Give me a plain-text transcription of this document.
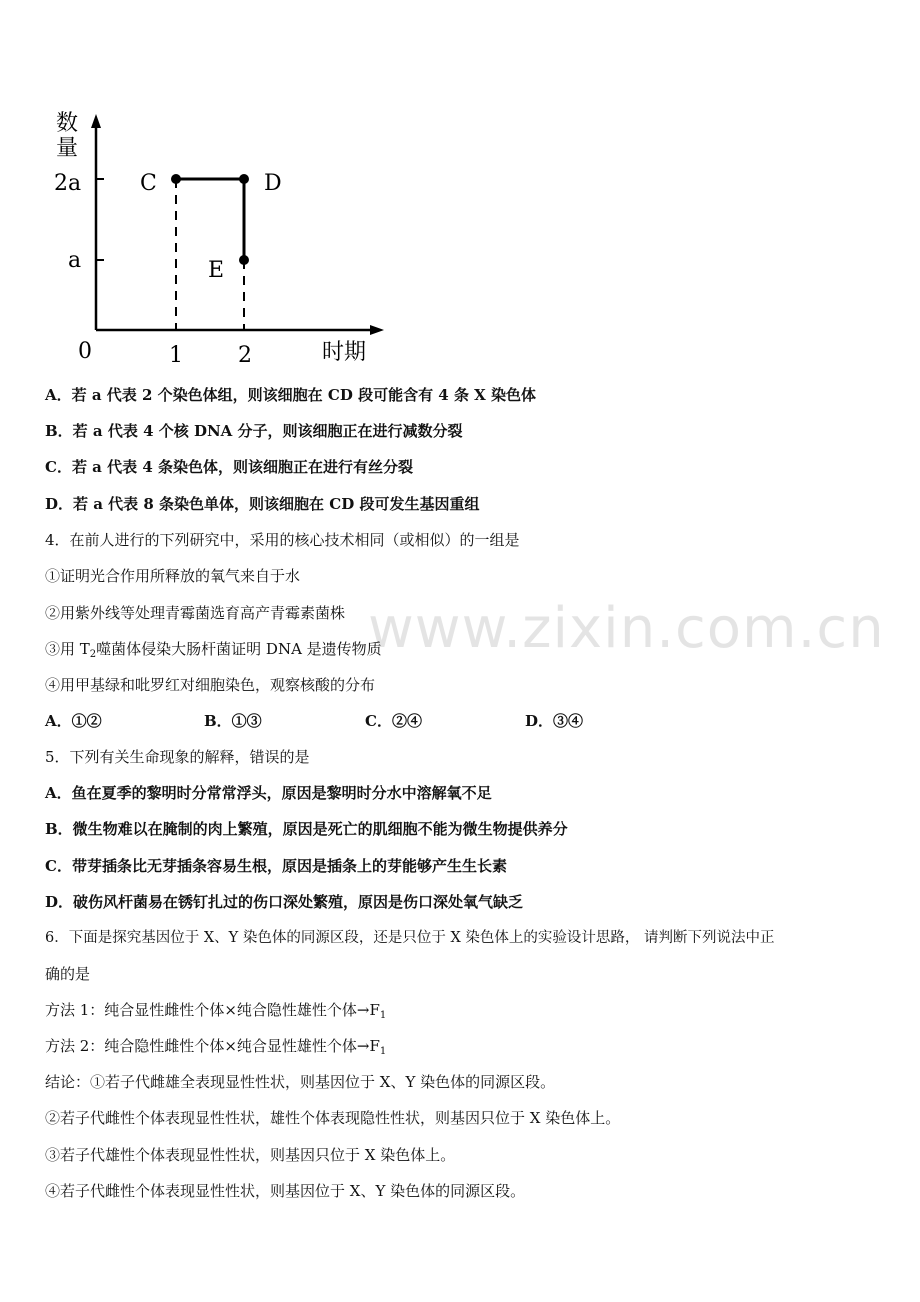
数
量
2a
a
C	D
E
0	1	2	时期
A．若 a 代表 2 个染色体组，则该细胞在 CD 段可能含有 4 条 X 染色体
B．若 a 代表 4 个核 DNA 分子，则该细胞正在进行减数分裂
C．若 a 代表 4 条染色体，则该细胞正在进行有丝分裂
D．若 a 代表 8 条染色单体，则该细胞在 CD 段可发生基因重组
4．在前人进行的下列研究中，采用的核心技术相同（或相似）的一组是
①证明光合作用所释放的氧气来自于水
②用紫外线等处理青霉菌选育高产青霉素菌株
③用 $T_2$噬菌体侵染大肠杆菌证明 DNA 是遗传物质
④用甲基绿和吡罗红对细胞染色，观察核酸的分布
A．①②	B．①③	C．②④	D．③④
5．下列有关生命现象的解释，错误的是
A．鱼在夏季的黎明时分常常浮头，原因是黎明时分水中溶解氧不足
B．微生物难以在腌制的肉上繁殖，原因是死亡的肌细胞不能为微生物提供养分
C．带芽插条比无芽插条容易生根，原因是插条上的芽能够产生生长素
D．破伤风杆菌易在锈钉扎过的伤口深处繁殖，原因是伤口深处氧气缺乏
6．下面是探究基因位于 X、Y 染色体的同源区段，还是只位于 X 染色体上的实验设计思路， 请判断下列说法中正
确的是
方法 1：纯合显性雌性个体×纯合隐性雄性个体$\to F_1$
方法 2：纯合隐性雌性个体×纯合显性雄性个体$\to F_1$
结论：①若子代雌雄全表现显性性状，则基因位于 X、Y 染色体的同源区段。
②若子代雌性个体表现显性性状，雄性个体表现隐性性状，则基因只位于 X 染色体上。
③若子代雄性个体表现显性性状，则基因只位于 X 染色体上。
④若子代雌性个体表现显性性状，则基因位于 X、Y 染色体的同源区段。
www.zixin.com.cn
